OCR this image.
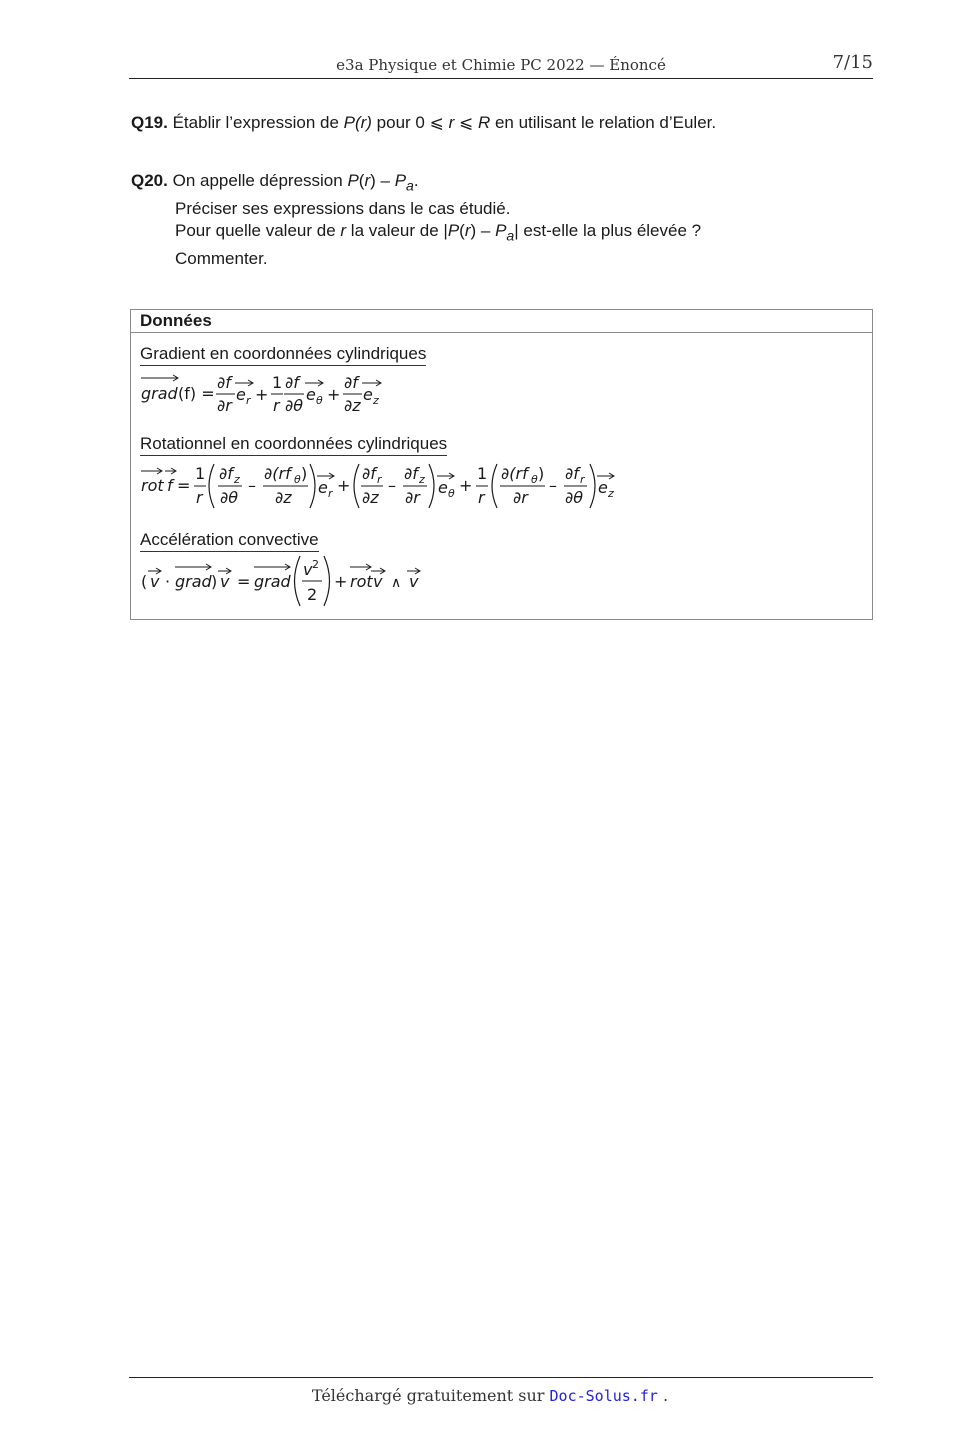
e3a Physique et Chimie PC 2022 — Énoncé	7/15
Q19. Établir l’expression de P(r) pour 0 ⩽ r ⩽ R en utilisant le relation d’Euler.
Q20. On appelle dépression $P(r) - P_a$.
Préciser ses expressions dans le cas étudié.
Pour quelle valeur de r la valeur de $|P(r) - P_a|$ est-elle la plus élevée ?
Commenter.
Données
Gradient en coordonnées cylindriques
grad (f) =
∂f
∂r
e r +
1
r
∂f
∂θ
e θ +
∂f
∂z
e z
Rotationnel en coordonnées cylindriques
rot f =
1
r
∂f z
∂θ
–
∂(rf θ )
∂z
e r +
∂f r
∂z
–
∂f z
∂r
e θ +
1
r
∂(rf θ )
∂r
–
∂f r
∂θ
e z
Accélération convective
( v · grad ) v = grad
v 2
2
+ rot v ∧ v
Téléchargé gratuitement sur Doc-Solus.fr .
